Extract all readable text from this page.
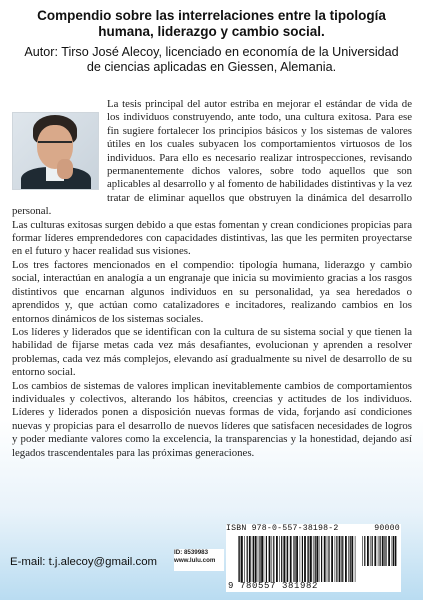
Compendio sobre las interrelaciones entre la tipología humana, liderazgo y cambio social.
Autor: Tirso José Alecoy, licenciado en economía de la Universidad de ciencias aplicadas en Giessen, Alemania.

La tesis principal del autor estriba en mejorar el estándar de vida de los individuos construyendo, ante todo, una cultura exitosa. Para ese fin sugiere fortalecer los principios básicos y los sistemas de valores útiles en los cuales subyacen los comportamientos virtuosos de los individuos. Para ello es necesario realizar introspecciones, revisando permanentemente dichos valores, sobre todo aquellos que son aplicables al desarrollo y al fomento de habilidades distintivas y la vez tratar de eliminar aquellos que obstruyen la dinámica del desarrollo personal.

Las culturas exitosas surgen debido a que estas fomentan y crean condiciones propicias para formar líderes emprendedores con capacidades distintivas, las que les permiten proyectarse en el futuro y hacer realidad sus visiones.

Los tres factores mencionados en el compendio: tipología humana, liderazgo y cambio social, interactúan en analogía a un engranaje que inicia su movimiento gracias a los rasgos distintivos que encarnan algunos individuos en su personalidad, ya sea heredados o aprendidos y, que actúan como catalizadores e incitadores, realizando cambios en los entornos dinámicos de los sistemas sociales.

Los líderes y liderados que se identifican con la cultura de su sistema social y que tienen la habilidad de fijarse metas cada vez más desafiantes, evolucionan y aprenden a resolver problemas, cada vez más complejos, elevando así gradualmente su nivel de desarrollo de su entorno social.

Los cambios de sistemas de valores implican inevitablemente cambios de comportamientos individuales y colectivos, alterando los hábitos, creencias y actitudes de los individuos. Líderes y liderados ponen a disposición nuevas formas de vida, forjando así condiciones nuevas y propicias para el desarrollo de nuevos líderes que satisfacen necesidades de logros y poder mediante valores como la excelencia, la transparencias y la honestidad, dejando así legados trascendentales para las próximas generaciones.

ID: 8539983
www.lulu.com
ISBN 978-0-557-38198-2	90000
9 780557 381982
E-mail: t.j.alecoy@gmail.com
